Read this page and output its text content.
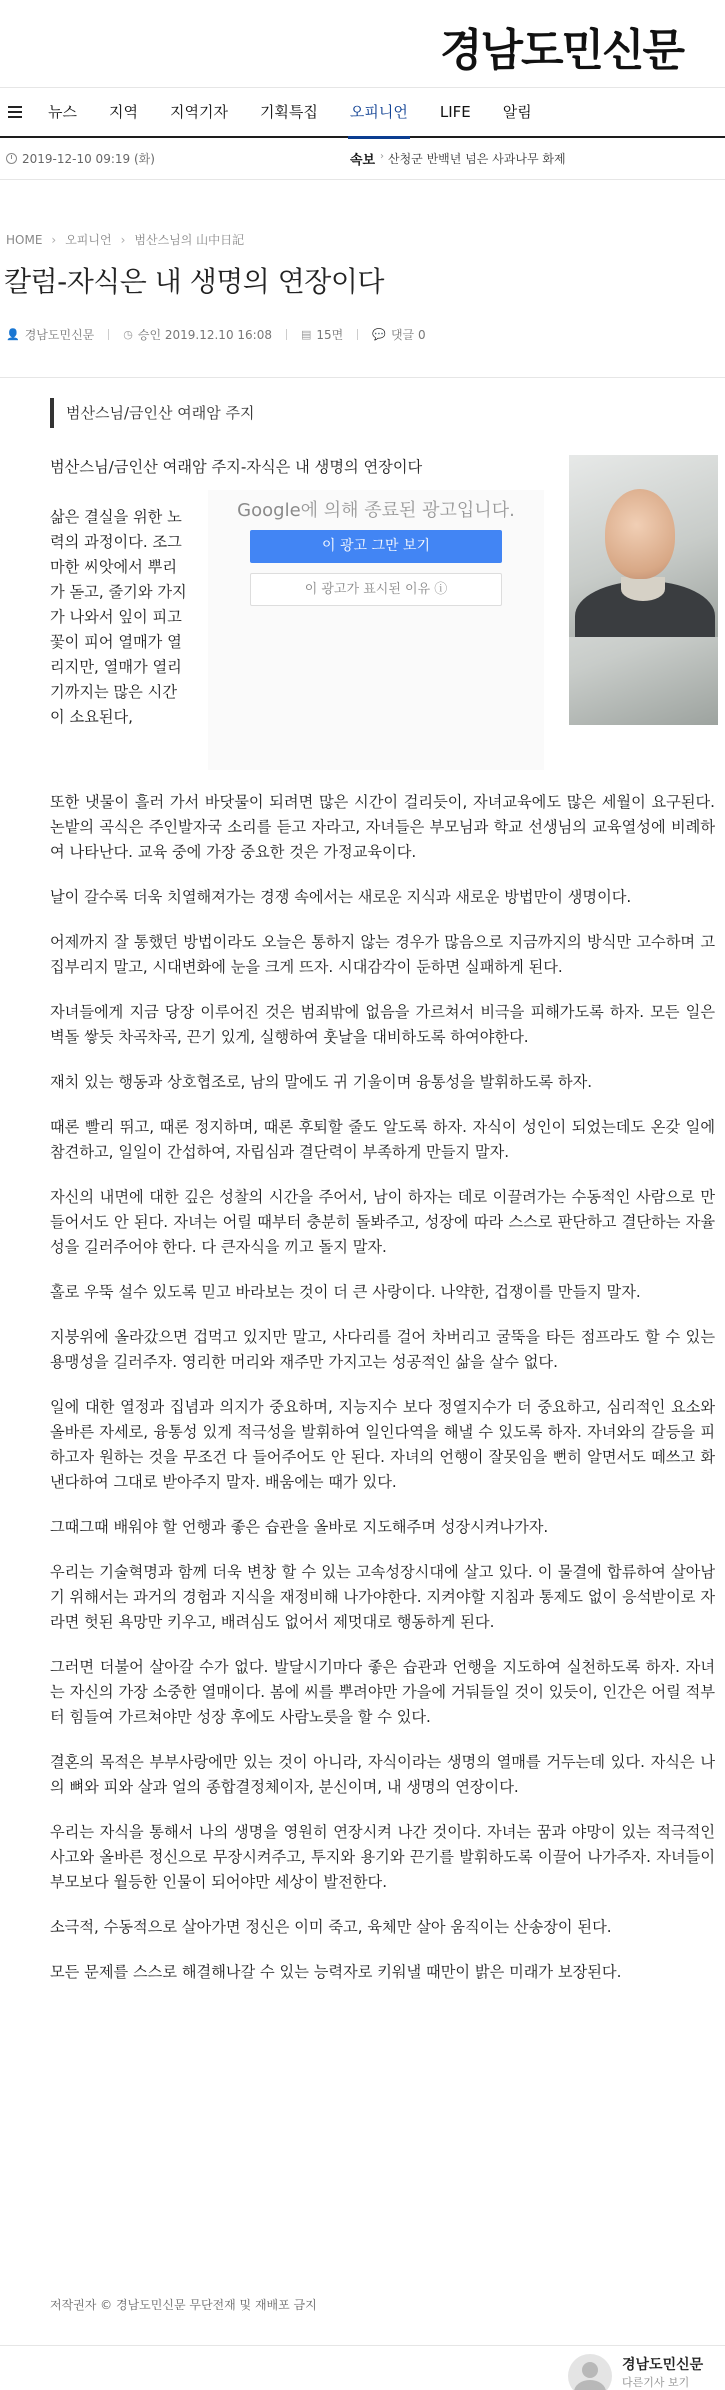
경남도민신문
뉴스	지역	지역기자	기획특집	오피니언	LIFE	알림
2019-12-10 09:19 (화)	속보 › 산청군 반백년 넘은 사과나무 화제
HOME › 오피니언 › 범산스님의 山中日記
칼럼-자식은 내 생명의 연장이다
👤 경남도민신문	◷ 승인 2019.12.10 16:08	▤ 15면	💬 댓글 0
범산스님/금인산 여래암 주지

범산스님/금인산 여래암 주지-자식은 내 생명의 연장이다

삶은 결실을 위한 노력의 과정이다. 조그마한 씨앗에서 뿌리가 돋고, 줄기와 가지가 나와서 잎이 피고 꽃이 피어 열매가 열리지만, 열매가 열리기까지는 많은 시간이 소요된다,
Google에 의해 종료된 광고입니다.
이 광고 그만 보기
이 광고가 표시된 이유 ⓘ

또한 냇물이 흘러 가서 바닷물이 되려면 많은 시간이 걸리듯이, 자녀교육에도 많은 세월이 요구된다. 논밭의 곡식은 주인발자국 소리를 듣고 자라고, 자녀들은 부모님과 학교 선생님의 교육열성에 비례하여 나타난다. 교육 중에 가장 중요한 것은 가정교육이다.

날이 갈수록 더욱 치열해져가는 경쟁 속에서는 새로운 지식과 새로운 방법만이 생명이다.

어제까지 잘 통했던 방법이라도 오늘은 통하지 않는 경우가 많음으로 지금까지의 방식만 고수하며 고집부리지 말고, 시대변화에 눈을 크게 뜨자. 시대감각이 둔하면 실패하게 된다.

자녀들에게 지금 당장 이루어진 것은 범죄밖에 없음을 가르쳐서 비극을 피해가도록 하자. 모든 일은 벽돌 쌓듯 차곡차곡, 끈기 있게, 실행하여 훗날을 대비하도록 하여야한다.

재치 있는 행동과 상호협조로, 남의 말에도 귀 기울이며 융통성을 발휘하도록 하자.

때론 빨리 뛰고, 때론 정지하며, 때론 후퇴할 줄도 알도록 하자. 자식이 성인이 되었는데도 온갖 일에 참견하고, 일일이 간섭하여, 자립심과 결단력이 부족하게 만들지 말자.

자신의 내면에 대한 깊은 성찰의 시간을 주어서, 남이 하자는 데로 이끌려가는 수동적인 사람으로 만들어서도 안 된다. 자녀는 어릴 때부터 충분히 돌봐주고, 성장에 따라 스스로 판단하고 결단하는 자율성을 길러주어야 한다. 다 큰자식을 끼고 돌지 말자.

홀로 우뚝 설수 있도록 믿고 바라보는 것이 더 큰 사랑이다. 나약한, 겁쟁이를 만들지 말자.

지붕위에 올라갔으면 겁먹고 있지만 말고, 사다리를 걸어 차버리고 굴뚝을 타든 점프라도 할 수 있는 용맹성을 길러주자. 영리한 머리와 재주만 가지고는 성공적인 삶을 살수 없다.

일에 대한 열정과 집념과 의지가 중요하며, 지능지수 보다 정열지수가 더 중요하고, 심리적인 요소와 올바른 자세로, 융통성 있게 적극성을 발휘하여 일인다역을 해낼 수 있도록 하자. 자녀와의 갈등을 피하고자 원하는 것을 무조건 다 들어주어도 안 된다. 자녀의 언행이 잘못임을 뻔히 알면서도 떼쓰고 화낸다하여 그대로 받아주지 말자. 배움에는 때가 있다.

그때그때 배워야 할 언행과 좋은 습관을 올바로 지도해주며 성장시켜나가자.

우리는 기술혁명과 함께 더욱 변창 할 수 있는 고속성장시대에 살고 있다. 이 물결에 합류하여 살아남기 위해서는 과거의 경험과 지식을 재정비해 나가야한다. 지켜야할 지침과 통제도 없이 응석받이로 자라면 헛된 욕망만 키우고, 배려심도 없어서 제멋대로 행동하게 된다.

그러면 더불어 살아갈 수가 없다. 발달시기마다 좋은 습관과 언행을 지도하여 실천하도록 하자. 자녀는 자신의 가장 소중한 열매이다. 봄에 씨를 뿌려야만 가을에 거둬들일 것이 있듯이, 인간은 어릴 적부터 힘들여 가르쳐야만 성장 후에도 사람노릇을 할 수 있다.

결혼의 목적은 부부사랑에만 있는 것이 아니라, 자식이라는 생명의 열매를 거두는데 있다. 자식은 나의 뼈와 피와 살과 얼의 종합결정체이자, 분신이며, 내 생명의 연장이다.

우리는 자식을 통해서 나의 생명을 영원히 연장시켜 나간 것이다. 자녀는 꿈과 야망이 있는 적극적인 사고와 올바른 정신으로 무장시켜주고, 투지와 용기와 끈기를 발휘하도록 이끌어 나가주자. 자녀들이 부모보다 월등한 인물이 되어야만 세상이 발전한다.

소극적, 수동적으로 살아가면 정신은 이미 죽고, 육체만 살아 움직이는 산송장이 된다.

모든 문제를 스스로 해결해나갈 수 있는 능력자로 키워낼 때만이 밝은 미래가 보장된다.

저작권자 © 경남도민신문 무단전재 및 재배포 금지
경남도민신문
다른기사 보기
